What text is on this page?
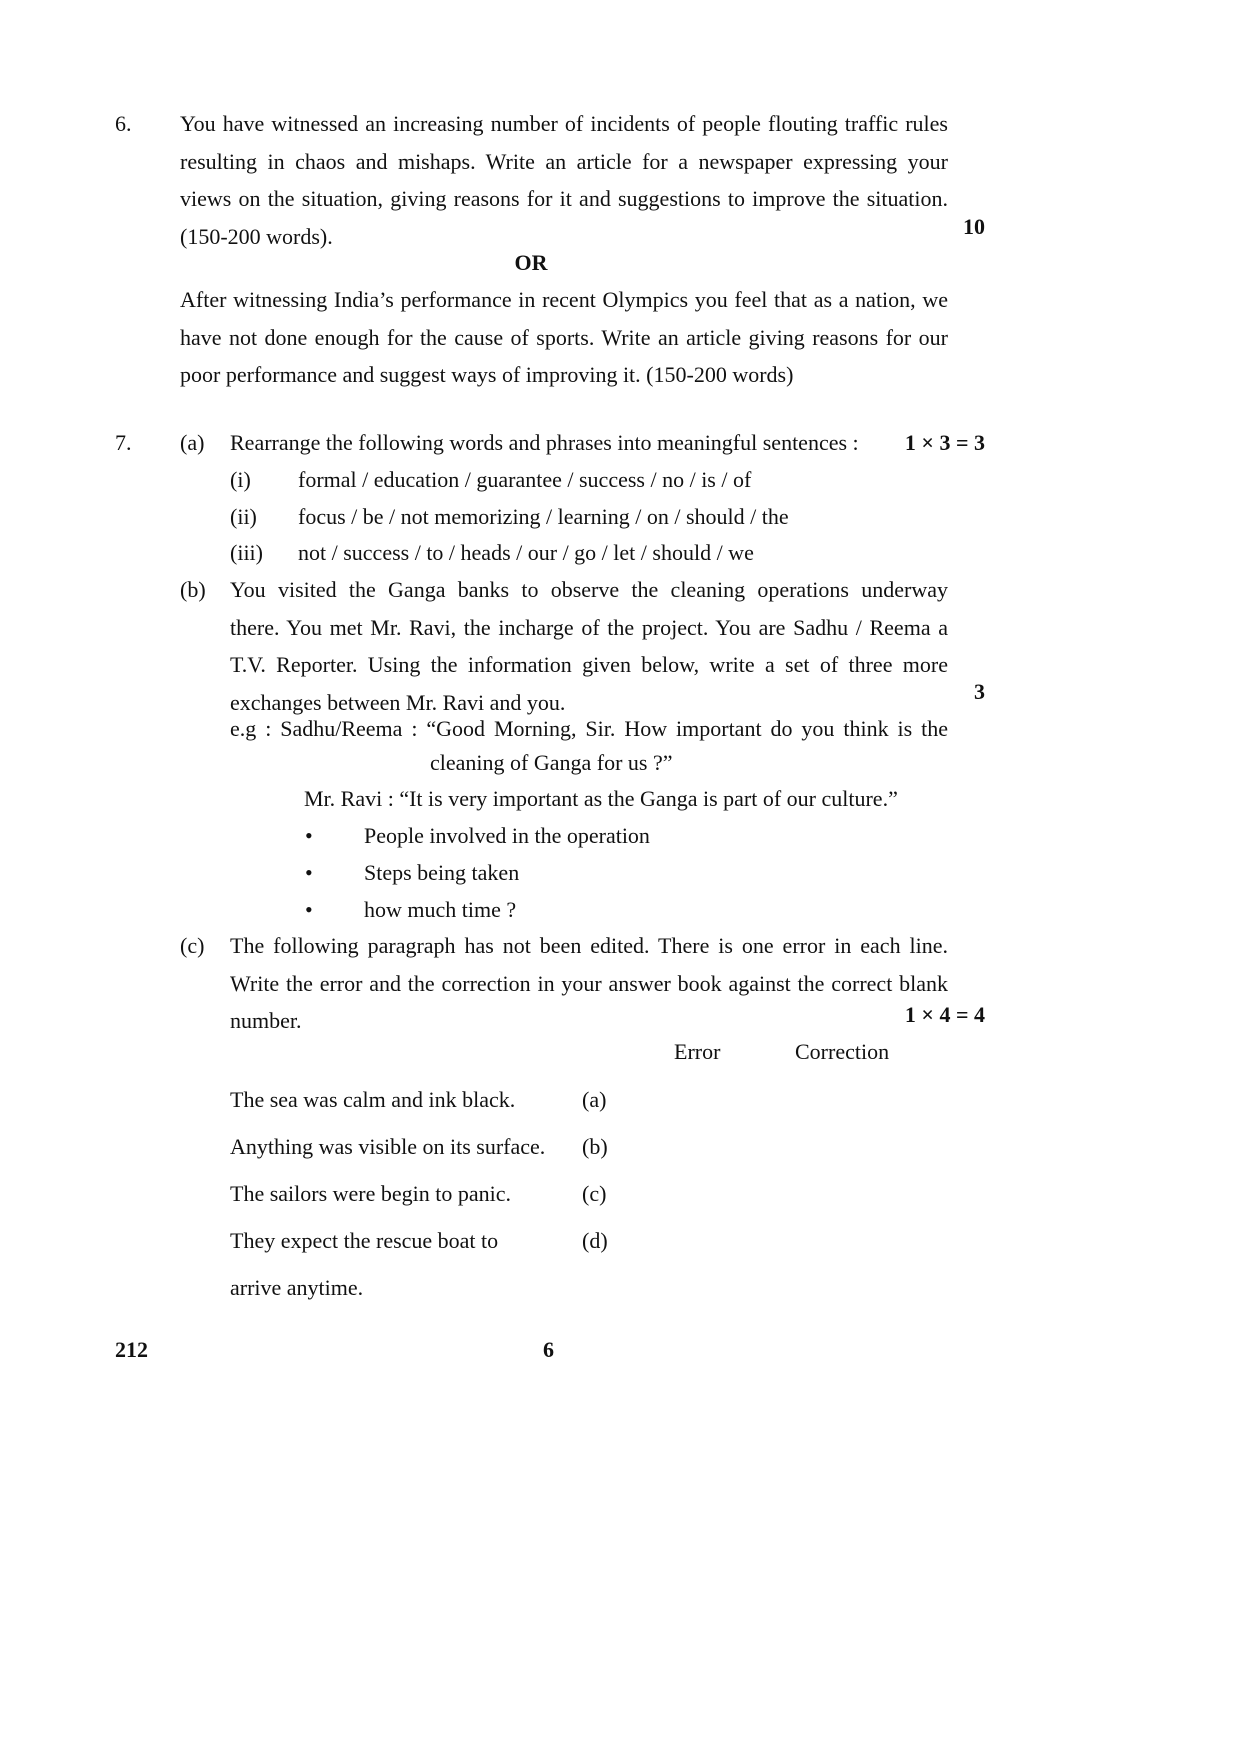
6. You have witnessed an increasing number of incidents of people flouting traffic rules
resulting in chaos and mishaps. Write an article for a newspaper expressing your
views on the situation, giving reasons for it and suggestions to improve the situation.
(150-200 words).	10
OR
After witnessing India’s performance in recent Olympics you feel that as a nation, we
have not done enough for the cause of sports. Write an article giving reasons for our
poor performance and suggest ways of improving it. (150-200 words)
7. (a) Rearrange the following words and phrases into meaningful sentences : 1 × 3 = 3
(i) formal / education / guarantee / success / no / is / of
(ii) focus / be / not memorizing / learning / on / should / the
(iii) not / success / to / heads / our / go / let / should / we
(b) You visited the Ganga banks to observe the cleaning operations underway
there. You met Mr. Ravi, the incharge of the project. You are Sadhu / Reema a
T.V. Reporter. Using the information given below, write a set of three more
exchanges between Mr. Ravi and you.	3
e.g : Sadhu/Reema : “Good Morning, Sir. How important do you think is the
cleaning of Ganga for us ?”
Mr. Ravi : “It is very important as the Ganga is part of our culture.”
• People involved in the operation
• Steps being taken
• how much time ?
(c) The following paragraph has not been edited. There is one error in each line.
Write the error and the correction in your answer book against the correct blank
number.	1 × 4 = 4
Error	Correction
The sea was calm and ink black.	(a)
Anything was visible on its surface. (b)
The sailors were begin to panic.	(c)
They expect the rescue boat to	(d)
arrive anytime.
212	6
